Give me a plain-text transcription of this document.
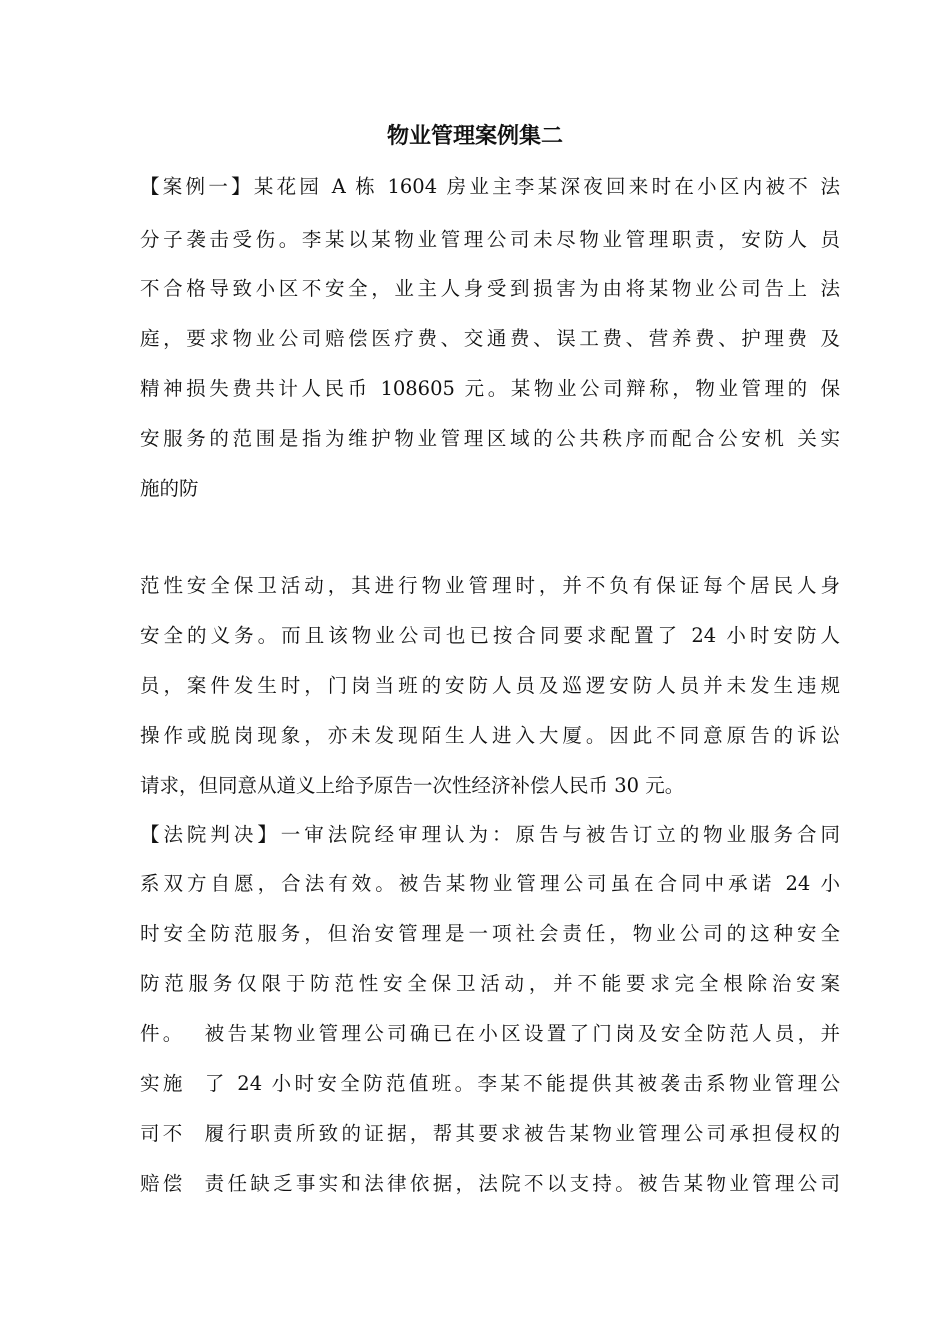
物业管理案例集二

【案例一】某花园 A 栋 1604 房业主李某深夜回来时在小区内被不 法

分子袭击受伤。李某以某物业管理公司未尽物业管理职责，安防人 员

不合格导致小区不安全，业主人身受到损害为由将某物业公司告上 法

庭，要求物业公司赔偿医疗费、交通费、误工费、营养费、护理费 及

精神损失费共计人民币 108605 元。某物业公司辩称，物业管理的 保

安服务的范围是指为维护物业管理区域的公共秩序而配合公安机 关实

施的防

范性安全保卫活动，其进行物业管理时，并不负有保证每个居民人身

安全的义务。而且该物业公司也已按合同要求配置了 24 小时安防人

员，案件发生时，门岗当班的安防人员及巡逻安防人员并未发生违规

操作或脱岗现象，亦未发现陌生人进入大厦。因此不同意原告的诉讼

请求，但同意从道义上给予原告一次性经济补偿人民币 30 元。

【法院判决】一审法院经审理认为：原告与被告订立的物业服务合同

系双方自愿，合法有效。被告某物业管理公司虽在合同中承诺 24 小

时安全防范服务，但治安管理是一项社会责任，物业公司的这种安全

防范服务仅限于防范性安全保卫活动，并不能要求完全根除治安案

件。  被告某物业管理公司确已在小区设置了门岗及安全防范人员，并

实施  了 24 小时安全防范值班。李某不能提供其被袭击系物业管理公

司不  履行职责所致的证据，帮其要求被告某物业管理公司承担侵权的

赔偿  责任缺乏事实和法律依据，法院不以支持。被告某物业管理公司
